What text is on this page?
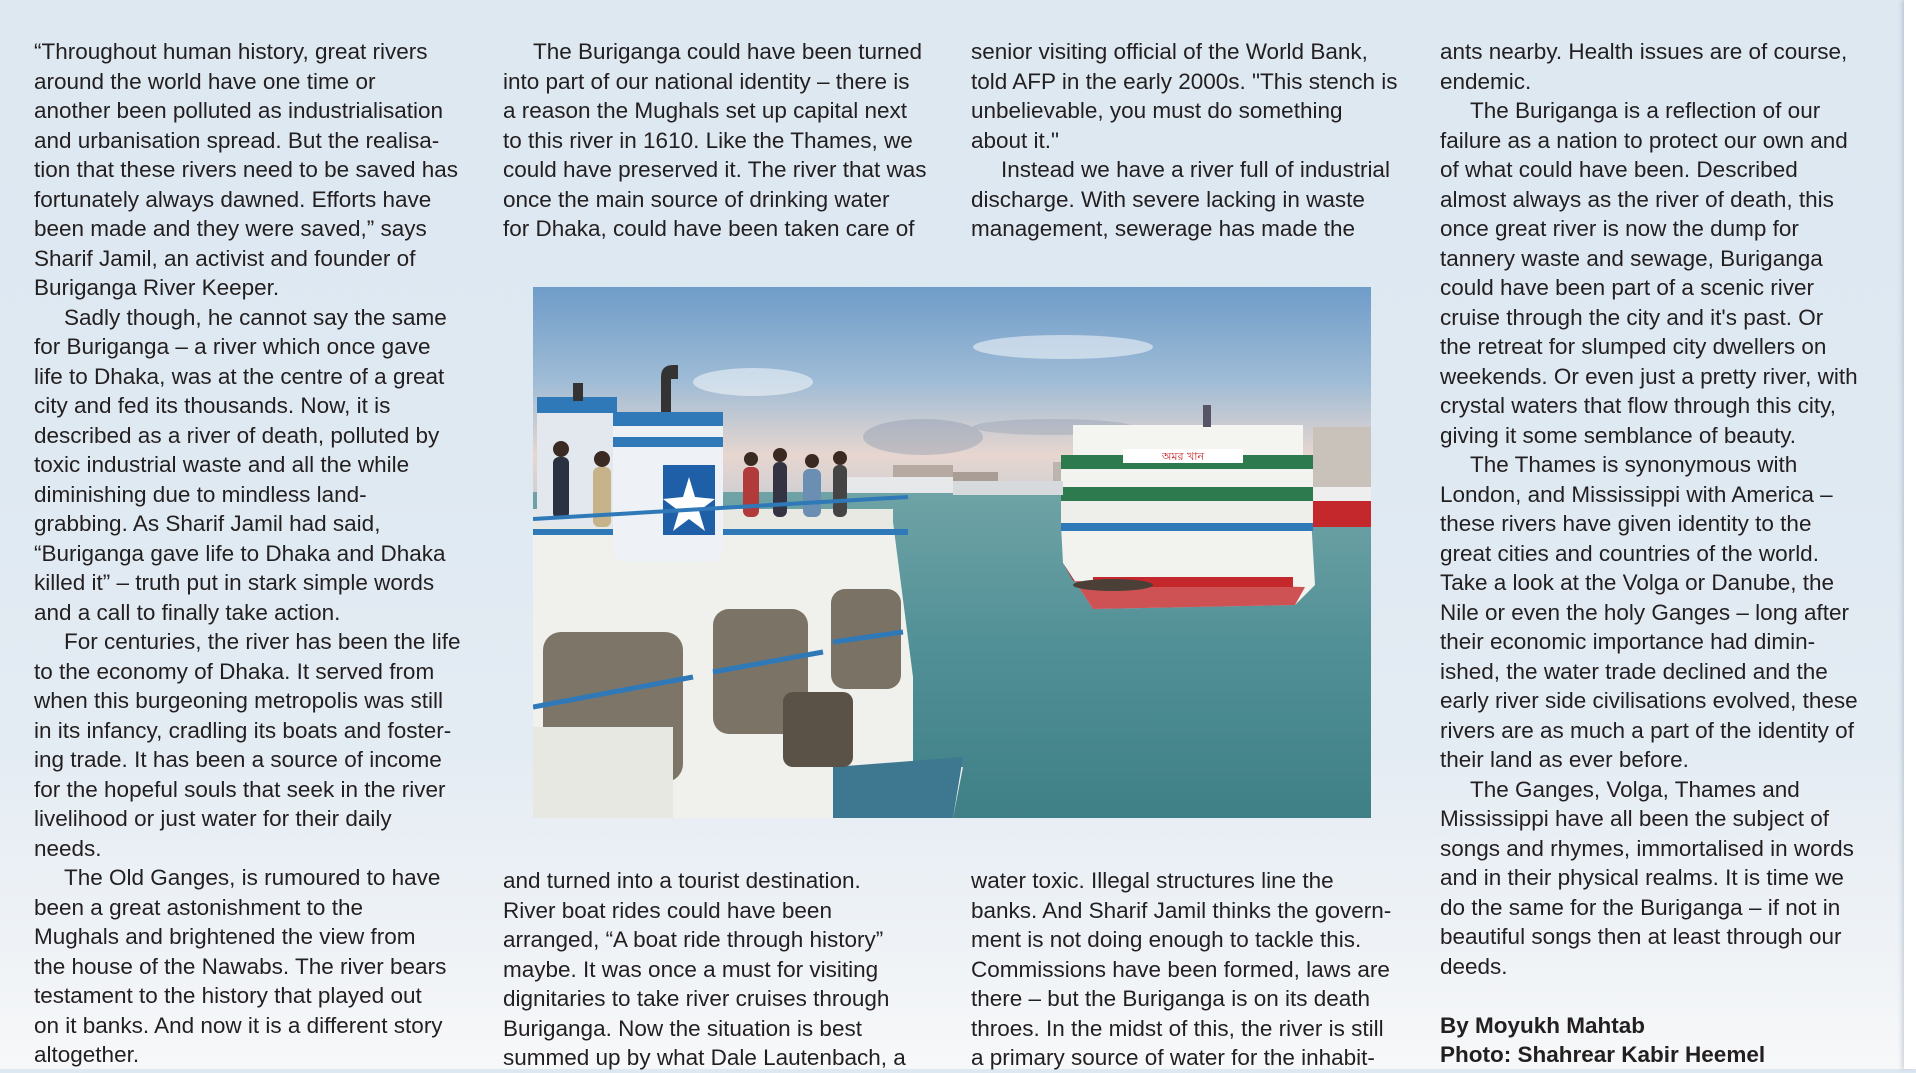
“Throughout human history, great rivers

around the world have one time or

another been polluted as industrialisation

and urbanisation spread. But the realisa-

tion that these rivers need to be saved has

fortunately always dawned. Efforts have

been made and they were saved,” says

Sharif Jamil, an activist and founder of

Buriganga River Keeper.

Sadly though, he cannot say the same

for Buriganga – a river which once gave

life to Dhaka, was at the centre of a great

city and fed its thousands. Now, it is

described as a river of death, polluted by

toxic industrial waste and all the while

diminishing due to mindless land-

grabbing. As Sharif Jamil had said,

“Buriganga gave life to Dhaka and Dhaka

killed it” – truth put in stark simple words

and a call to finally take action.

For centuries, the river has been the life

to the economy of Dhaka. It served from

when this burgeoning metropolis was still

in its infancy, cradling its boats and foster-

ing trade. It has been a source of income

for the hopeful souls that seek in the river

livelihood or just water for their daily

needs.

The Old Ganges, is rumoured to have

been a great astonishment to the

Mughals and brightened the view from

the house of the Nawabs. The river bears

testament to the history that played out

on it banks. And now it is a different story

altogether.

The Buriganga could have been turned

into part of our national identity – there is

a reason the Mughals set up capital next

to this river in 1610. Like the Thames, we

could have preserved it. The river that was

once the main source of drinking water

for Dhaka, could have been taken care of

senior visiting official of the World Bank,

told AFP in the early 2000s. "This stench is

unbelievable, you must do something

about it."

Instead we have a river full of industrial

discharge. With severe lacking in waste

management, sewerage has made the

অমর খান

and turned into a tourist destination.

River boat rides could have been

arranged, “A boat ride through history”

maybe. It was once a must for visiting

dignitaries to take river cruises through

Buriganga. Now the situation is best

summed up by what Dale Lautenbach, a

water toxic. Illegal structures line the

banks. And Sharif Jamil thinks the govern-

ment is not doing enough to tackle this.

Commissions have been formed, laws are

there – but the Buriganga is on its death

throes. In the midst of this, the river is still

a primary source of water for the inhabit-

ants nearby. Health issues are of course,

endemic.

The Buriganga is a reflection of our

failure as a nation to protect our own and

of what could have been. Described

almost always as the river of death, this

once great river is now the dump for

tannery waste and sewage, Buriganga

could have been part of a scenic river

cruise through the city and it's past. Or

the retreat for slumped city dwellers on

weekends. Or even just a pretty river, with

crystal waters that flow through this city,

giving it some semblance of beauty.

The Thames is synonymous with

London, and Mississippi with America –

these rivers have given identity to the

great cities and countries of the world.

Take a look at the Volga or Danube, the

Nile or even the holy Ganges – long after

their economic importance had dimin-

ished, the water trade declined and the

early river side civilisations evolved, these

rivers are as much a part of the identity of

their land as ever before.

The Ganges, Volga, Thames and

Mississippi have all been the subject of

songs and rhymes, immortalised in words

and in their physical realms. It is time we

do the same for the Buriganga – if not in

beautiful songs then at least through our

deeds.

By Moyukh Mahtab

Photo: Shahrear Kabir Heemel
